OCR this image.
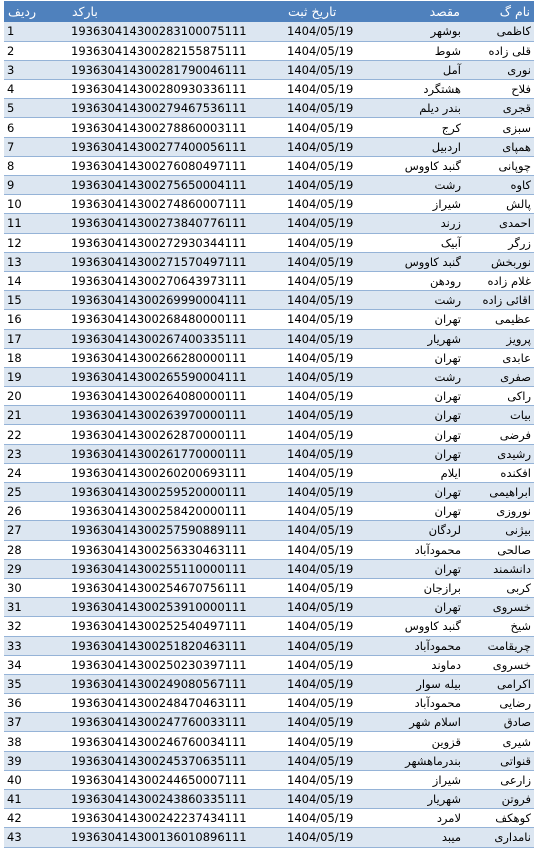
نام گ	مقصد	تاریخ ثبت	بارکد	ردیف
کاظمی	بوشهر	1404/05/19	193630414300283100075111	1
قلی زاده	شوط	1404/05/19	193630414300282155875111	2
نوری	آمل	1404/05/19	193630414300281790046111	3
فلاح	هشتگرد	1404/05/19	193630414300280930336111	4
قجری	بندر دیلم	1404/05/19	193630414300279467536111	5
سبزی	کرج	1404/05/19	193630414300278860003111	6
همپای	اردبیل	1404/05/19	193630414300277400056111	7
چوپانی	گنبد کاووس	1404/05/19	193630414300276080497111	8
کاوه	رشت	1404/05/19	193630414300275650004111	9
پالش	شیراز	1404/05/19	193630414300274860007111	10
احمدی	زرند	1404/05/19	193630414300273840776111	11
زرگر	آبیک	1404/05/19	193630414300272930344111	12
نوربخش	گنبد کاووس	1404/05/19	193630414300271570497111	13
غلام زاده	رودهن	1404/05/19	193630414300270643973111	14
اقائی زاده	رشت	1404/05/19	193630414300269990004111	15
عظیمی	تهران	1404/05/19	193630414300268480000111	16
پرویز	شهریار	1404/05/19	193630414300267400335111	17
عابدی	تهران	1404/05/19	193630414300266280000111	18
صفری	رشت	1404/05/19	193630414300265590004111	19
راکی	تهران	1404/05/19	193630414300264080000111	20
بیات	تهران	1404/05/19	193630414300263970000111	21
فرضی	تهران	1404/05/19	193630414300262870000111	22
رشیدی	تهران	1404/05/19	193630414300261770000111	23
افکنده	ایلام	1404/05/19	193630414300260200693111	24
ابراهیمی	تهران	1404/05/19	193630414300259520000111	25
نوروزی	تهران	1404/05/19	193630414300258420000111	26
بیژنی	لردگان	1404/05/19	193630414300257590889111	27
صالحی	محمودآباد	1404/05/19	193630414300256330463111	28
دانشمند	تهران	1404/05/19	193630414300255110000111	29
کربی	برازجان	1404/05/19	193630414300254670756111	30
خسروی	تهران	1404/05/19	193630414300253910000111	31
شیخ	گنبد کاووس	1404/05/19	193630414300252540497111	32
چریقامت	محمودآباد	1404/05/19	193630414300251820463111	33
خسروی	دماوند	1404/05/19	193630414300250230397111	34
اکرامی	بیله سوار	1404/05/19	193630414300249080567111	35
رضایی	محمودآباد	1404/05/19	193630414300248470463111	36
صادق	اسلام شهر	1404/05/19	193630414300247760033111	37
شیری	قزوین	1404/05/19	193630414300246760034111	38
قنواتی	بندرماهشهر	1404/05/19	193630414300245370635111	39
زارعی	شیراز	1404/05/19	193630414300244650007111	40
فروتن	شهریار	1404/05/19	193630414300243860335111	41
کوهکف	لامرد	1404/05/19	193630414300242237434111	42
نامداری	میبد	1404/05/19	193630414300136010896111	43
